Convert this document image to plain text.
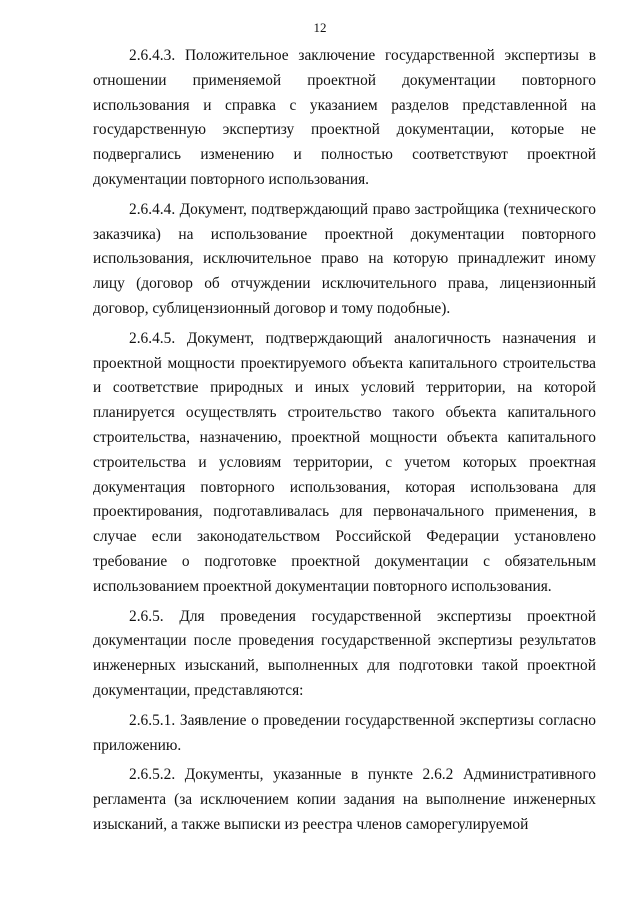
12

2.6.4.3. Положительное заключение государственной экспертизы в отношении применяемой проектной документации повторного использования и справка с указанием разделов представленной на государственную экспертизу проектной документации, которые не подвергались изменению и полностью соответствуют проектной документации повторного использования.

2.6.4.4. Документ, подтверждающий право застройщика (технического заказчика) на использование проектной документации повторного использования, исключительное право на которую принадлежит иному лицу (договор об отчуждении исключительного права, лицензионный договор, сублицензионный договор и тому подобные).

2.6.4.5. Документ, подтверждающий аналогичность назначения и проектной мощности проектируемого объекта капитального строительства и соответствие природных и иных условий территории, на которой планируется осуществлять строительство такого объекта капитального строительства, назначению, проектной мощности объекта капитального строительства и условиям территории, с учетом которых проектная документация повторного использования, которая использована для проектирования, подготавливалась для первоначального применения, в случае если законодательством Российской Федерации установлено требование о подготовке проектной документации с обязательным использованием проектной документации повторного использования.

2.6.5. Для проведения государственной экспертизы проектной документации после проведения государственной экспертизы результатов инженерных изысканий, выполненных для подготовки такой проектной документации, представляются:

2.6.5.1. Заявление о проведении государственной экспертизы согласно приложению.

2.6.5.2. Документы, указанные в пункте 2.6.2 Административного регламента (за исключением копии задания на выполнение инженерных изысканий, а также выписки из реестра членов саморегулируемой
